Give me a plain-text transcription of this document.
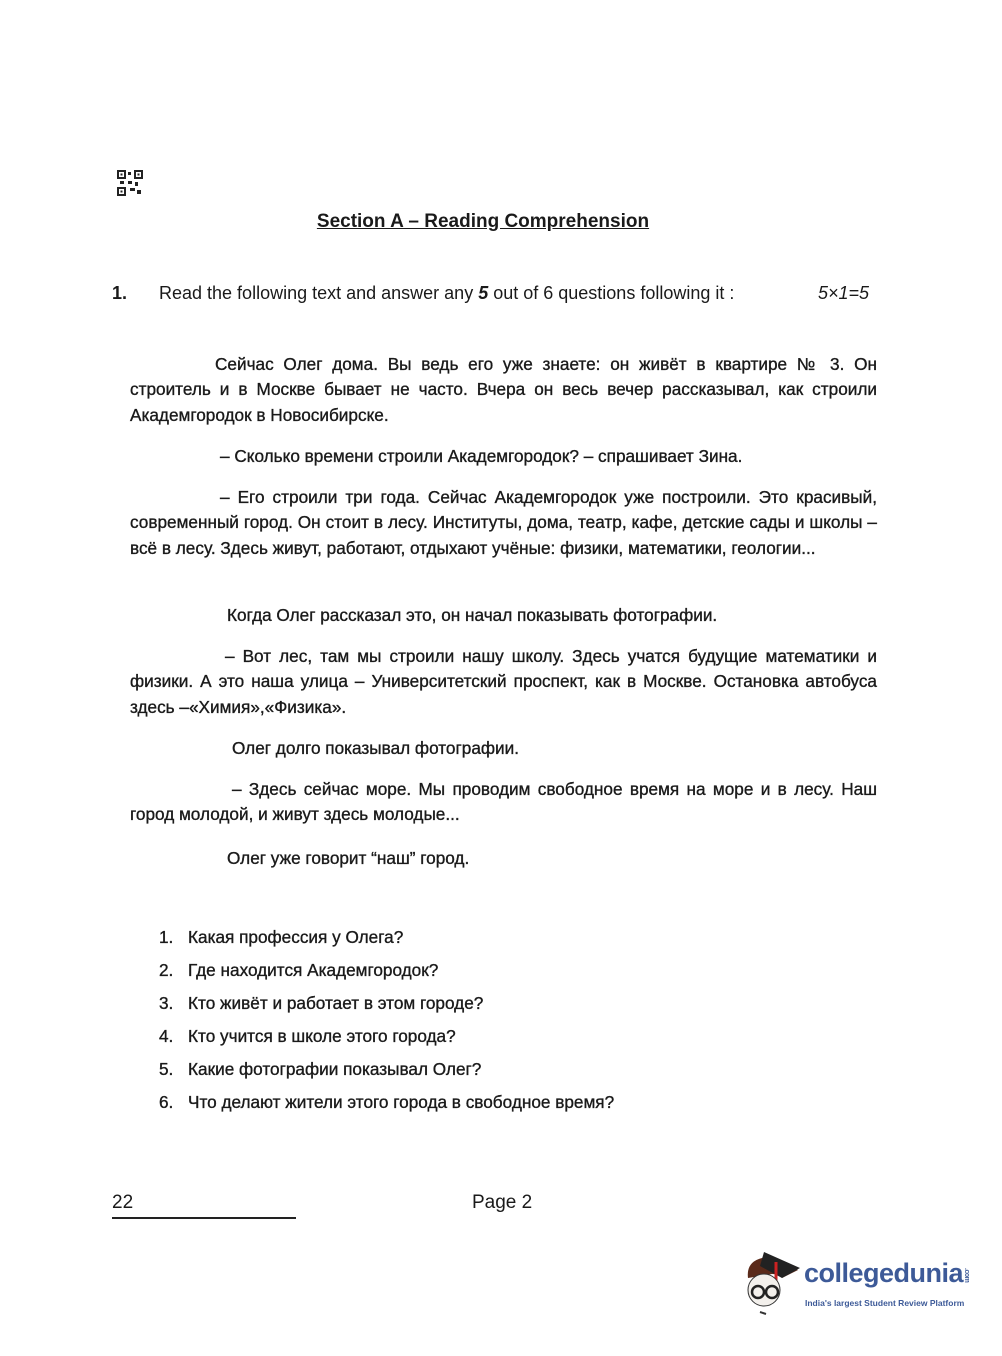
Section A – Reading Comprehension
1. Read the following text and answer any 5 out of 6 questions following it :	5×1=5
Сейчас Олег дома. Вы ведь его уже знаете: он живёт в квартире № 3. Он строитель и в Москве бывает не часто. Вчера он весь вечер рассказывал, как строили Академгородок в Новосибирске.
– Сколько времени строили Академгородок? – спрашивает Зина.
– Его строили три года. Сейчас Академгородок уже построили. Это красивый, современный город. Он стоит в лесу. Институты, дома, театр, кафе, детские сады и школы – всё в лесу. Здесь живут, работают, отдыхают учёные: физики, математики, геологии...
Когда Олег рассказал это, он начал показывать фотографии.
– Вот лес, там мы строили нашу школу. Здесь учатся будущие математики и физики. А это наша улица – Университетский проспект, как в Москве. Остановка автобуса здесь –«Химия»,«Физика».
Олег долго показывал фотографии.
– Здесь сейчас море. Мы проводим свободное время на море и в лесу. Наш город молодой, и живут здесь молодые...
Олег уже говорит “наш” город.
1. Какая профессия у Олега?
2. Где находится Академгородок?
3. Кто живёт и работает в этом городе?
4. Кто учится в школе этого города?
5. Какие фотографии показывал Олег?
6. Что делают жители этого города в свободное время?
22	Page 2
collegedunia.com
India's largest Student Review Platform
